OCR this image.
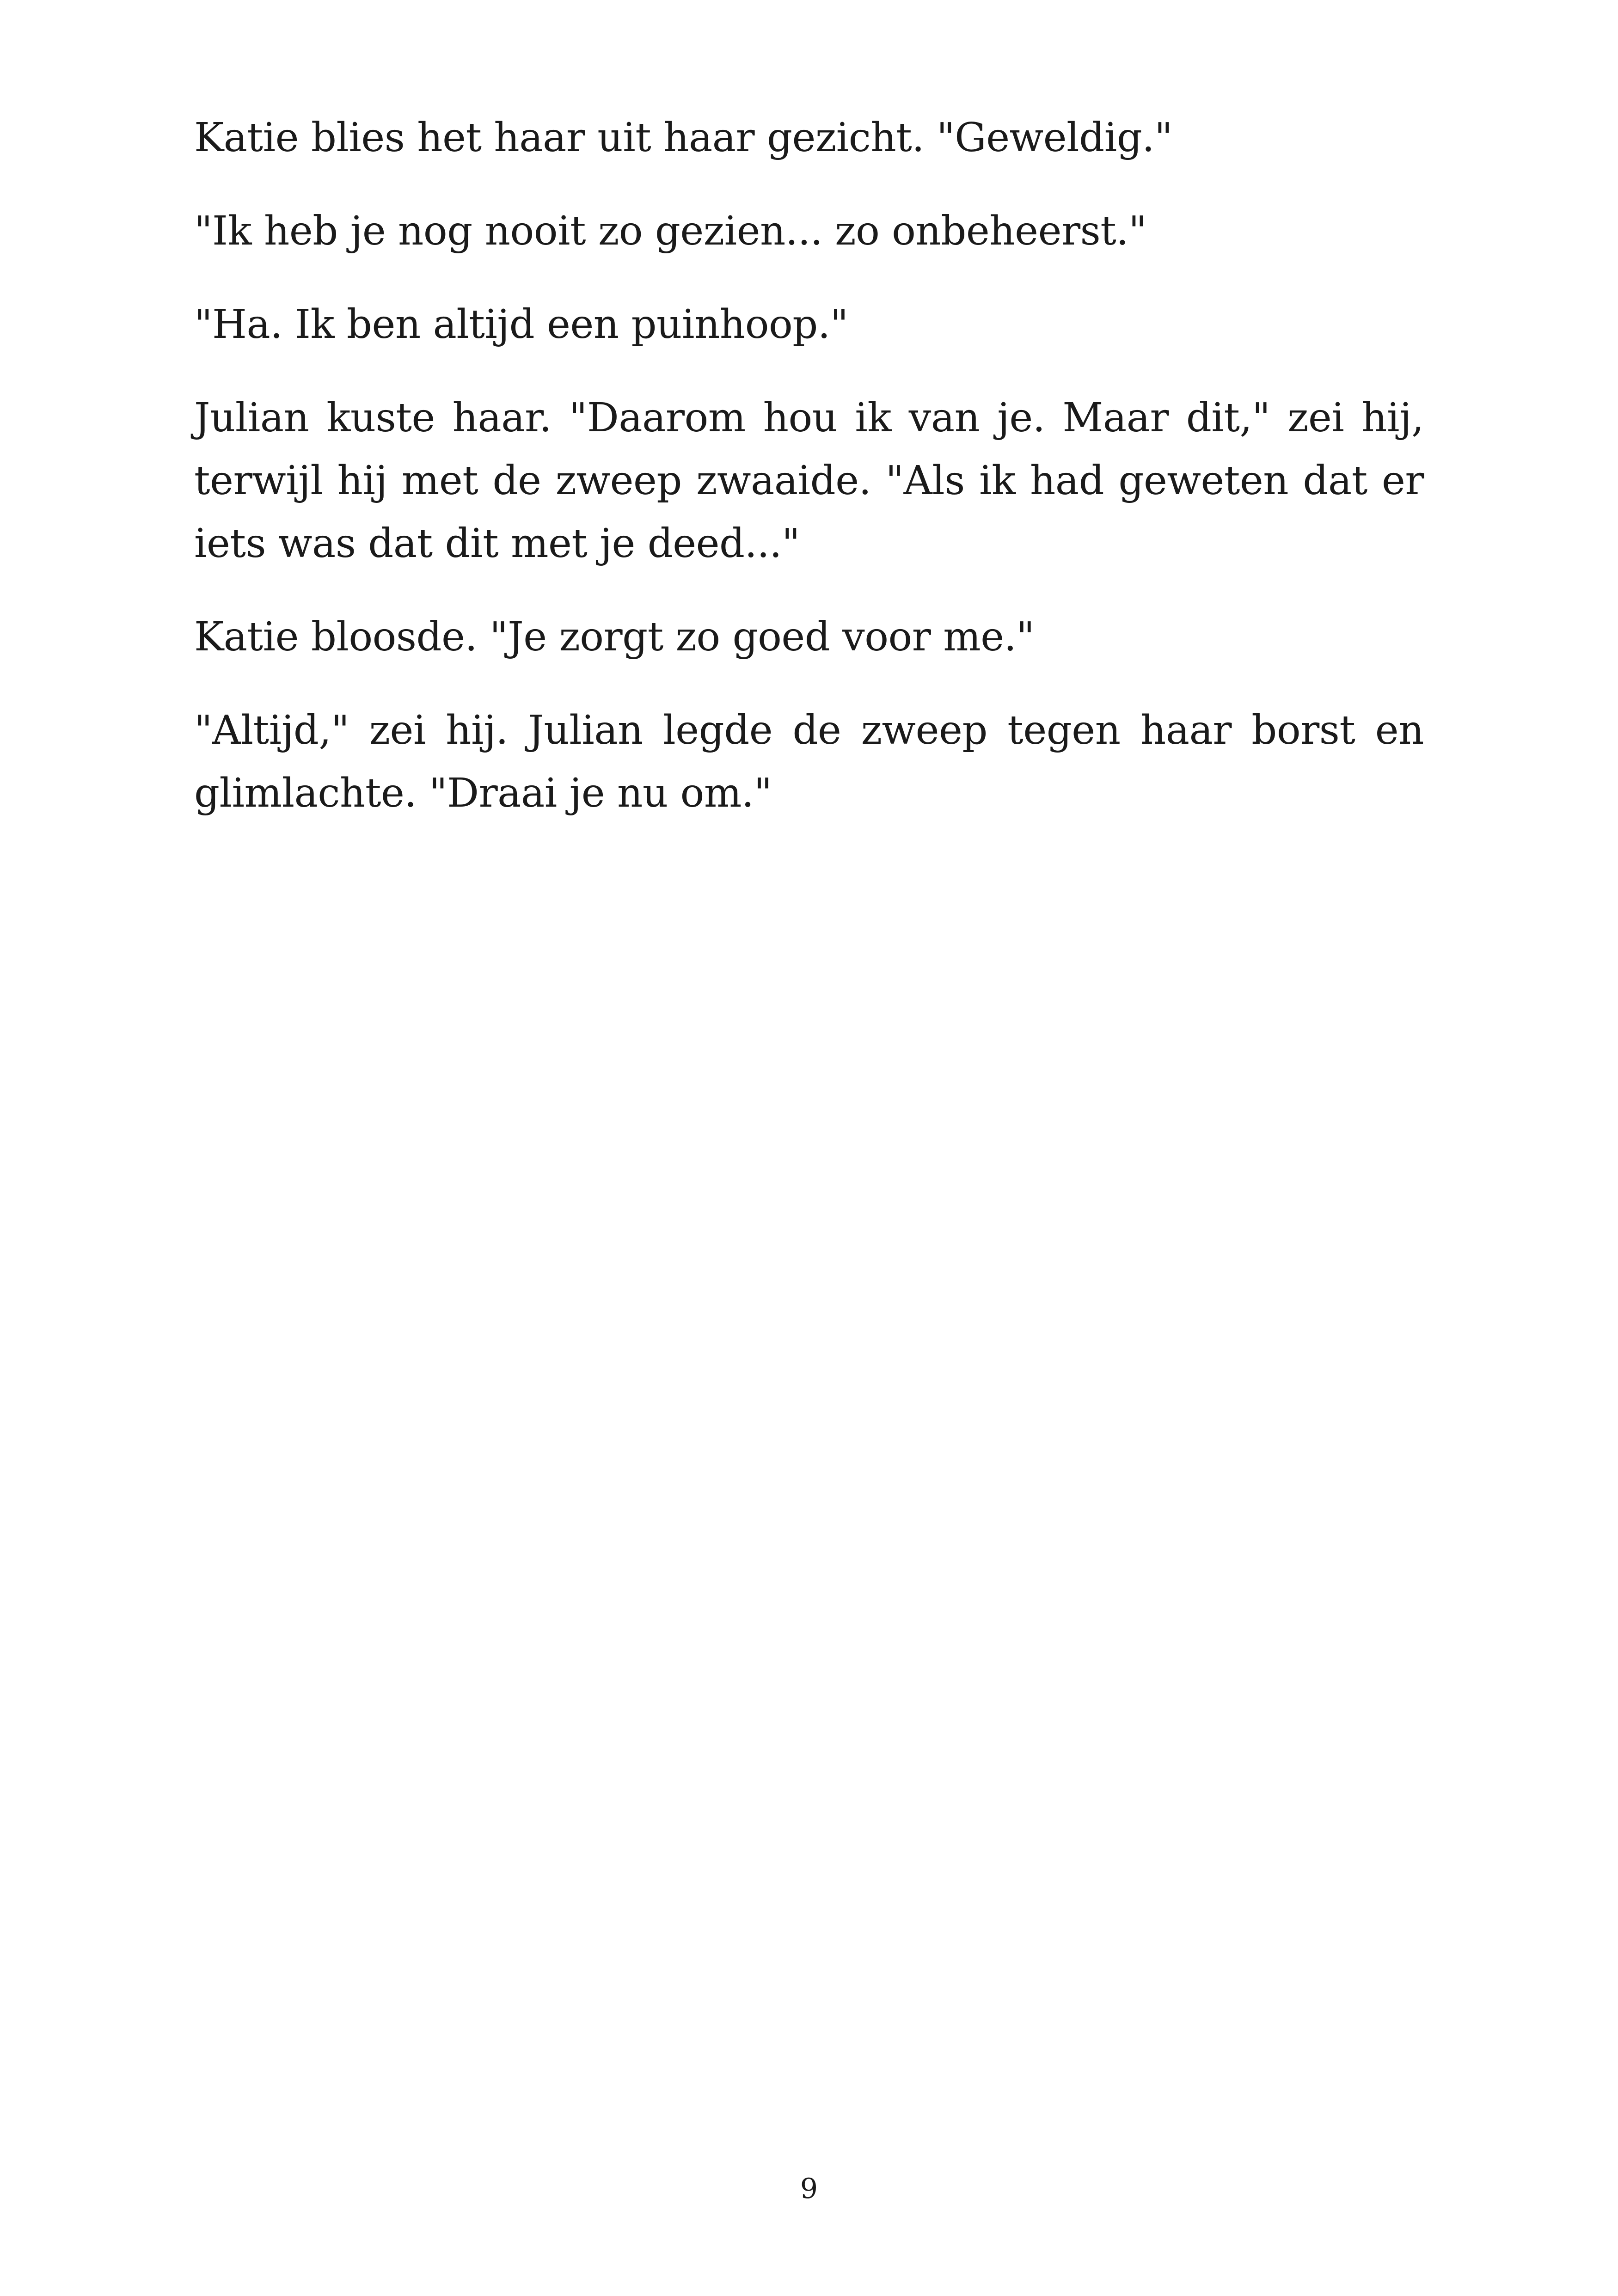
Katie blies het haar uit haar gezicht. "Geweldig."

"Ik heb je nog nooit zo gezien... zo onbeheerst."

"Ha. Ik ben altijd een puinhoop."

Julian kuste haar. "Daarom hou ik van je. Maar dit," zei hij, terwijl hij met de zweep zwaaide. "Als ik had geweten dat er iets was dat dit met je deed..."

Katie bloosde. "Je zorgt zo goed voor me."

"Altijd," zei hij. Julian legde de zweep tegen haar borst en glimlachte. "Draai je nu om."

9
